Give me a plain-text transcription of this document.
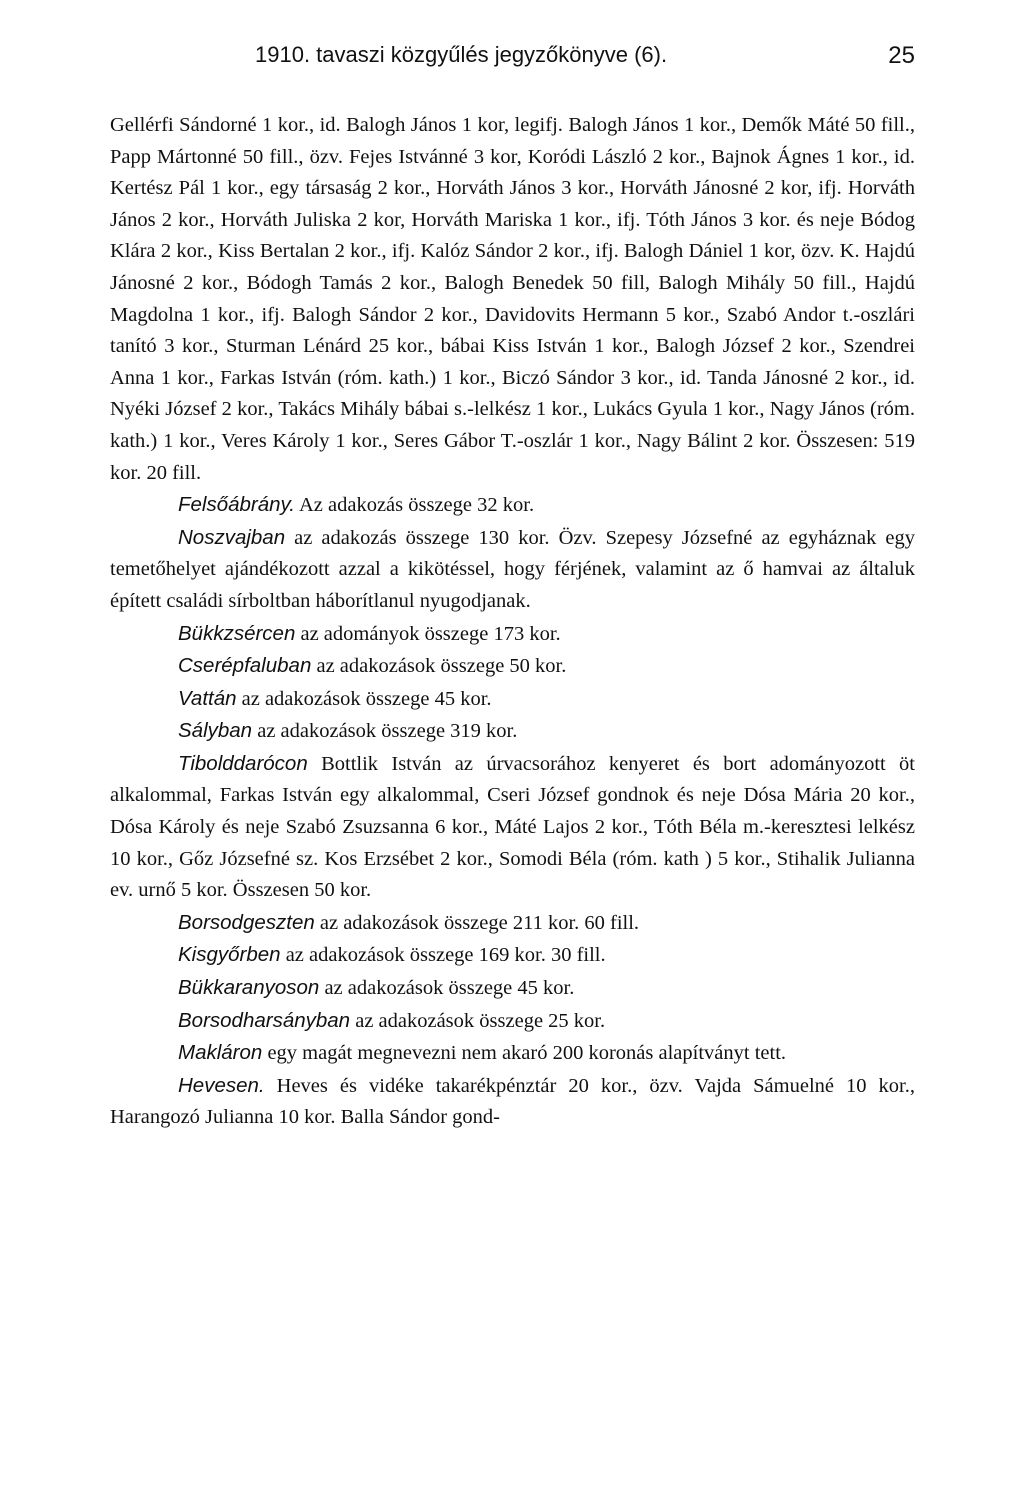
1910. tavaszi közgyűlés jegyzőkönyve (6).	25

Gellérfi Sándorné 1 kor., id. Balogh János 1 kor, legifj. Balogh János 1 kor., Demők Máté 50 fill., Papp Mártonné 50 fill., özv. Fejes Istvánné 3 kor, Koródi László 2 kor., Bajnok Ágnes 1 kor., id. Kertész Pál 1 kor., egy társaság 2 kor., Horváth János 3 kor., Horváth Jánosné 2 kor, ifj. Horváth János 2 kor., Horváth Juliska 2 kor, Horváth Mariska 1 kor., ifj. Tóth János 3 kor. és neje Bódog Klára 2 kor., Kiss Bertalan 2 kor., ifj. Kalóz Sándor 2 kor., ifj. Balogh Dániel 1 kor, özv. K. Hajdú Jánosné 2 kor., Bódogh Tamás 2 kor., Balogh Benedek 50 fill, Balogh Mihály 50 fill., Hajdú Magdolna 1 kor., ifj. Balogh Sándor 2 kor., Davidovits Hermann 5 kor., Szabó Andor t.-oszlári tanító 3 kor., Sturman Lénárd 25 kor., bábai Kiss István 1 kor., Balogh József 2 kor., Szendrei Anna 1 kor., Farkas István (róm. kath.) 1 kor., Biczó Sándor 3 kor., id. Tanda Jánosné 2 kor., id. Nyéki József 2 kor., Takács Mihály bábai s.-lelkész 1 kor., Lukács Gyula 1 kor., Nagy János (róm. kath.) 1 kor., Veres Károly 1 kor., Seres Gábor T.-oszlár 1 kor., Nagy Bálint 2 kor. Összesen: 519 kor. 20 fill.

Felsőábrány. Az adakozás összege 32 kor.

Noszvajban az adakozás összege 130 kor. Özv. Szepesy Józsefné az egyháznak egy temetőhelyet ajándékozott azzal a kikötéssel, hogy férjének, valamint az ő hamvai az általuk épített családi sírboltban háborítlanul nyugodjanak.

Bükkzsércen az adományok összege 173 kor.

Cserépfaluban az adakozások összege 50 kor.

Vattán az adakozások összege 45 kor.

Sályban az adakozások összege 319 kor.

Tibolddarócon Bottlik István az úrvacsorához kenyeret és bort adományozott öt alkalommal, Farkas István egy alkalommal, Cseri József gondnok és neje Dósa Mária 20 kor., Dósa Károly és neje Szabó Zsuzsanna 6 kor., Máté Lajos 2 kor., Tóth Béla m.-keresztesi lelkész 10 kor., Gőz Józsefné sz. Kos Erzsébet 2 kor., Somodi Béla (róm. kath ) 5 kor., Stihalik Julianna ev. urnő 5 kor. Összesen 50 kor.

Borsodgeszten az adakozások összege 211 kor. 60 fill.

Kisgyőrben az adakozások összege 169 kor. 30 fill.

Bükkaranyoson az adakozások összege 45 kor.

Borsodharsányban az adakozások összege 25 kor.

Makláron egy magát megnevezni nem akaró 200 koronás alapítványt tett.

Hevesen. Heves és vidéke takarékpénztár 20 kor., özv. Vajda Sámuelné 10 kor., Harangozó Julianna 10 kor. Balla Sándor gond-
